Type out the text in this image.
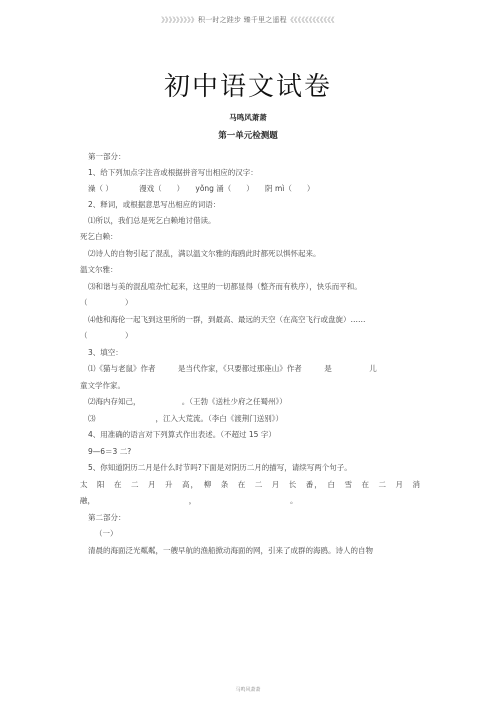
》》》》》》》》》积一时之跬步 臻千里之遥程《《《《《《《《《《《《
初中语文试卷
马鸣风萧萧
第一单元检测题
第一部分：
1、给下列加点字注音或根据拼音写出相应的汉字：
澡（ ）　　　　漫戏（　　）　　yǒng 涌（　　）　　阴 mì（　　）
2、释词，或根据意思写出相应的词语：
⑴所以，我们总是死乞白赖地讨借读。
死乞白赖：
⑵诗人的自物引起了混乱，满以温文尔雅的海鸥此时都死以惧怀起来。
温文尔雅：
⑶和谐与美的混乱喧杂忙起来，这里的一切都显得（整齐而有秩序），快乐而平和。
（　　　　　）
⑷他和海伦一起飞到这里所的一群，到最高、最远的天空（在高空飞行或盘旋）……
（　　　　　）
3、填空：
⑴《猫与老鼠》作者　　　是当代作家，《只要都过那座山》作者　　　是　　　　　儿
童文学作家。
⑵海内存知己，　　　　　　。（王勃《送杜少府之任蜀州》）
⑶　　　　　　　　，江入大荒流。（李白《渡荆门送别》）
4、用准确的语言对下列算式作出表述。（不超过 15 字）
9—6＝3 二?
5、你知道阴历二月是什么时节吗?下面是对阴历二月的描写，请续写两个句子。
太　阳　在　二　月　升　高，　柳　条　在　二　月　长　番，　白　雪　在　二　月　消
融，　　　　　　　　　　　　　，　　　　　　　　　　　　　。
第二部分：
（一）
清晨的海面泛光粼粼，一艘早航的渔船掀动海面的网，引来了成群的海鸥。诗人的自物
马鸣风萧萧
